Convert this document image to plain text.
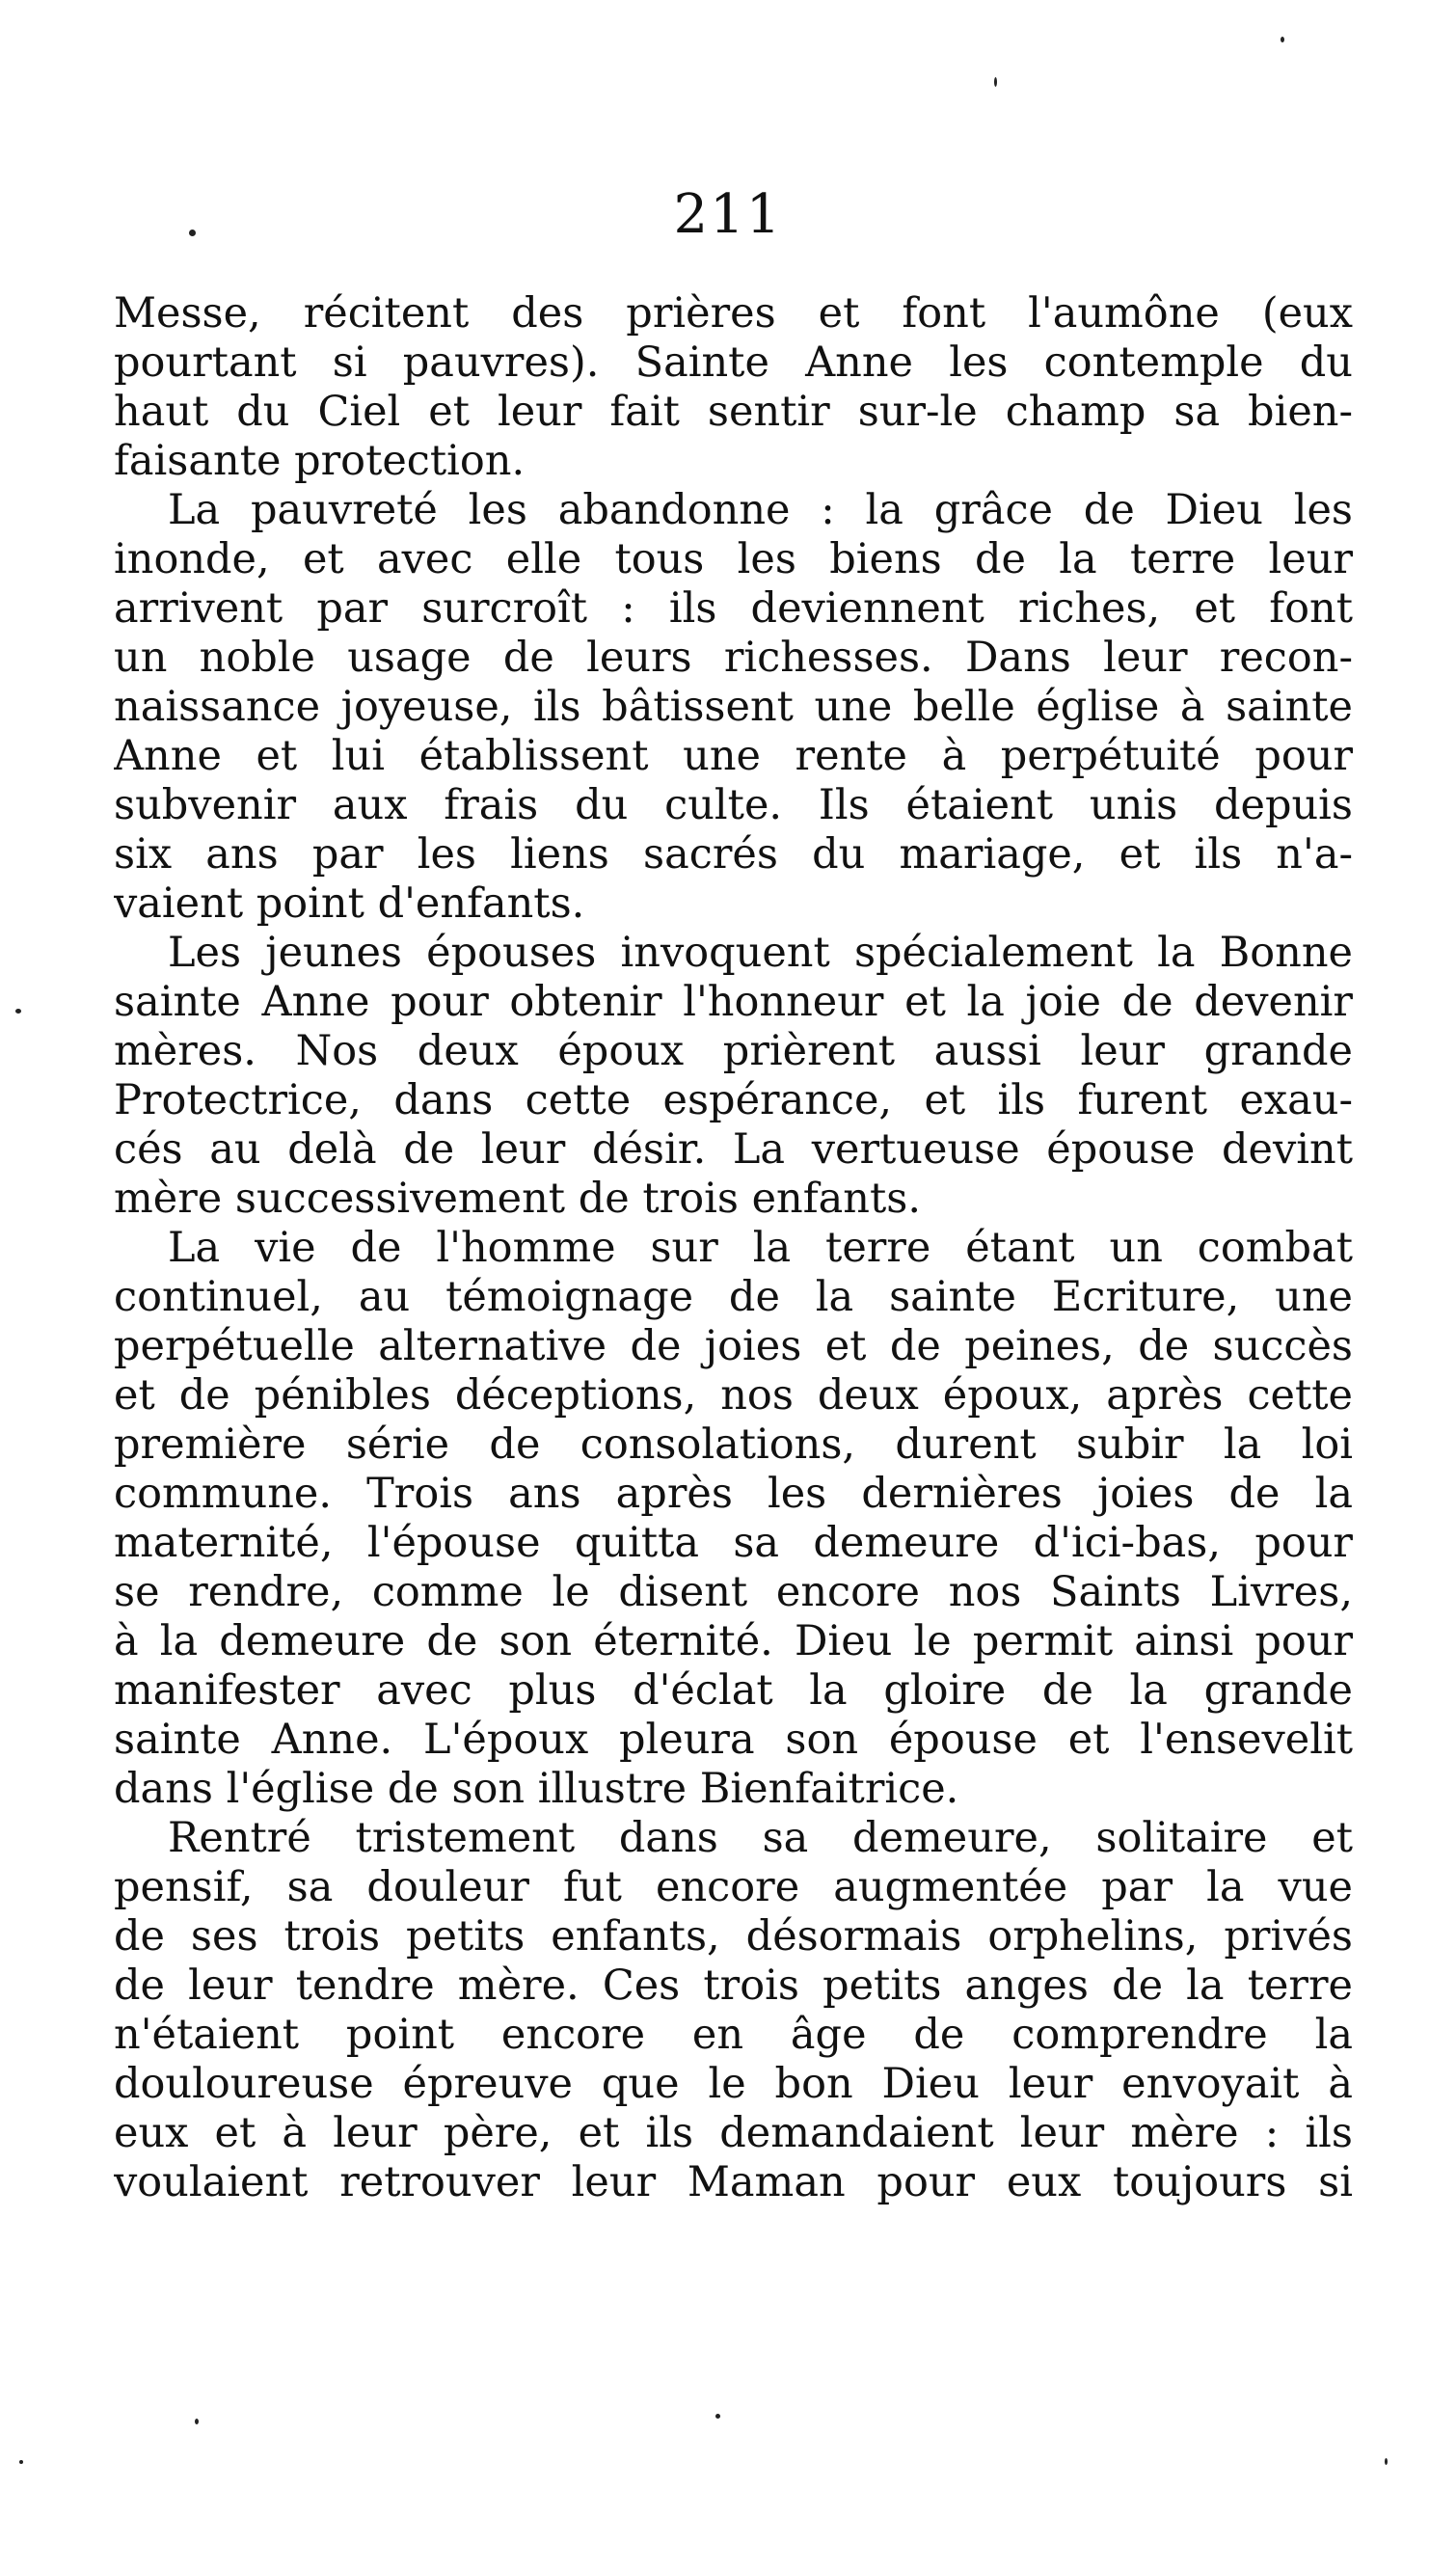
211

Messe, récitent des prières et font l'aumône (eux
pourtant si pauvres). Sainte Anne les contemple du
haut du Ciel et leur fait sentir sur-le champ sa bien-
faisante protection.

La pauvreté les abandonne : la grâce de Dieu les
inonde, et avec elle tous les biens de la terre leur
arrivent par surcroît : ils deviennent riches, et font
un noble usage de leurs richesses. Dans leur recon-
naissance joyeuse, ils bâtissent une belle église à sainte
Anne et lui établissent une rente à perpétuité pour
subvenir aux frais du culte. Ils étaient unis depuis
six ans par les liens sacrés du mariage, et ils n'a-
vaient point d'enfants.

Les jeunes épouses invoquent spécialement la Bonne
sainte Anne pour obtenir l'honneur et la joie de devenir
mères. Nos deux époux prièrent aussi leur grande
Protectrice, dans cette espérance, et ils furent exau-
cés au delà de leur désir. La vertueuse épouse devint
mère successivement de trois enfants.

La vie de l'homme sur la terre étant un combat
continuel, au témoignage de la sainte Ecriture, une
perpétuelle alternative de joies et de peines, de succès
et de pénibles déceptions, nos deux époux, après cette
première série de consolations, durent subir la loi
commune. Trois ans après les dernières joies de la
maternité, l'épouse quitta sa demeure d'ici-bas, pour
se rendre, comme le disent encore nos Saints Livres,
à la demeure de son éternité. Dieu le permit ainsi pour
manifester avec plus d'éclat la gloire de la grande
sainte Anne. L'époux pleura son épouse et l'ensevelit
dans l'église de son illustre Bienfaitrice.

Rentré tristement dans sa demeure, solitaire et
pensif, sa douleur fut encore augmentée par la vue
de ses trois petits enfants, désormais orphelins, privés
de leur tendre mère. Ces trois petits anges de la terre
n'étaient point encore en âge de comprendre la
douloureuse épreuve que le bon Dieu leur envoyait à
eux et à leur père, et ils demandaient leur mère : ils
voulaient retrouver leur Maman pour eux toujours si
